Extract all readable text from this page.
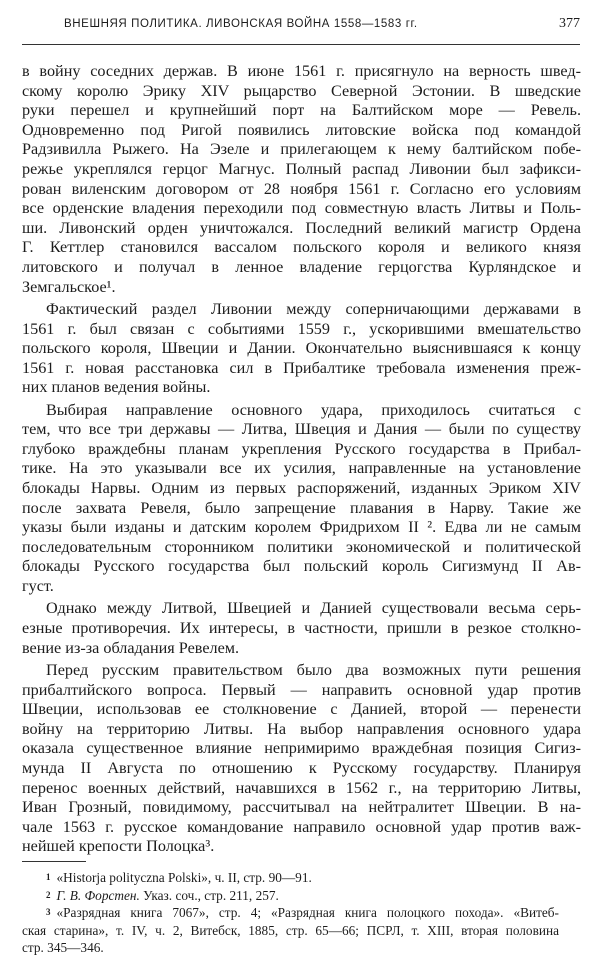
ВНЕШНЯЯ ПОЛИТИКА. ЛИВОНСКАЯ ВОЙНА 1558—1583 гг.	377
в войну соседних держав. В июне 1561 г. присягнуло на верность швед-
скому королю Эрику XIV рыцарство Северной Эстонии. В шведские
руки перешел и крупнейший порт на Балтийском море — Ревель.
Одновременно под Ригой появились литовские войска под командой
Радзивилла Рыжего. На Эзеле и прилегающем к нему балтийском побе-
режье укреплялся герцог Магнус. Полный распад Ливонии был зафикси-
рован виленским договором от 28 ноября 1561 г. Согласно его условиям
все орденские владения переходили под совместную власть Литвы и Поль-
ши. Ливонский орден уничтожался. Последний великий магистр Ордена
Г. Кеттлер становился вассалом польского короля и великого князя
литовского и получал в ленное владение герцогства Курляндское и
Земгальское¹.
Фактический раздел Ливонии между соперничающими державами в
1561 г. был связан с событиями 1559 г., ускорившими вмешательство
польского короля, Швеции и Дании. Окончательно выяснившаяся к концу
1561 г. новая расстановка сил в Прибалтике требовала изменения преж-
них планов ведения войны.
Выбирая направление основного удара, приходилось считаться с
тем, что все три державы — Литва, Швеция и Дания — были по существу
глубоко враждебны планам укрепления Русского государства в Прибал-
тике. На это указывали все их усилия, направленные на установление
блокады Нарвы. Одним из первых распоряжений, изданных Эриком XIV
после захвата Ревеля, было запрещение плавания в Нарву. Такие же
указы были изданы и датским королем Фридрихом II ². Едва ли не самым
последовательным сторонником политики экономической и политической
блокады Русского государства был польский король Сигизмунд II Ав-
густ.
Однако между Литвой, Швецией и Данией существовали весьма серь-
езные противоречия. Их интересы, в частности, пришли в резкое столкно-
вение из-за обладания Ревелем.
Перед русским правительством было два возможных пути решения
прибалтийского вопроса. Первый — направить основной удар против
Швеции, использовав ее столкновение с Данией, второй — перенести
войну на территорию Литвы. На выбор направления основного удара
оказала существенное влияние непримиримо враждебная позиция Сигиз-
мунда II Августа по отношению к Русскому государству. Планируя
перенос военных действий, начавшихся в 1562 г., на территорию Литвы,
Иван Грозный, повидимому, рассчитывал на нейтралитет Швеции. В на-
чале 1563 г. русское командование направило основной удар против важ-
нейшей крепости Полоцка³.
$^1$ «Historja polityczna Polski», ч. II, стр. 90—91.
$^2$ Г. В. Форстен. Указ. соч., стр. 211, 257.
$^3$ «Разрядная книга 7067», стр. 4; «Разрядная книга полоцкого похода». «Витеб-
ская старина», т. IV, ч. 2, Витебск, 1885, стр. 65—66; ПСРЛ, т. XIII, вторая половина
стр. 345—346.
